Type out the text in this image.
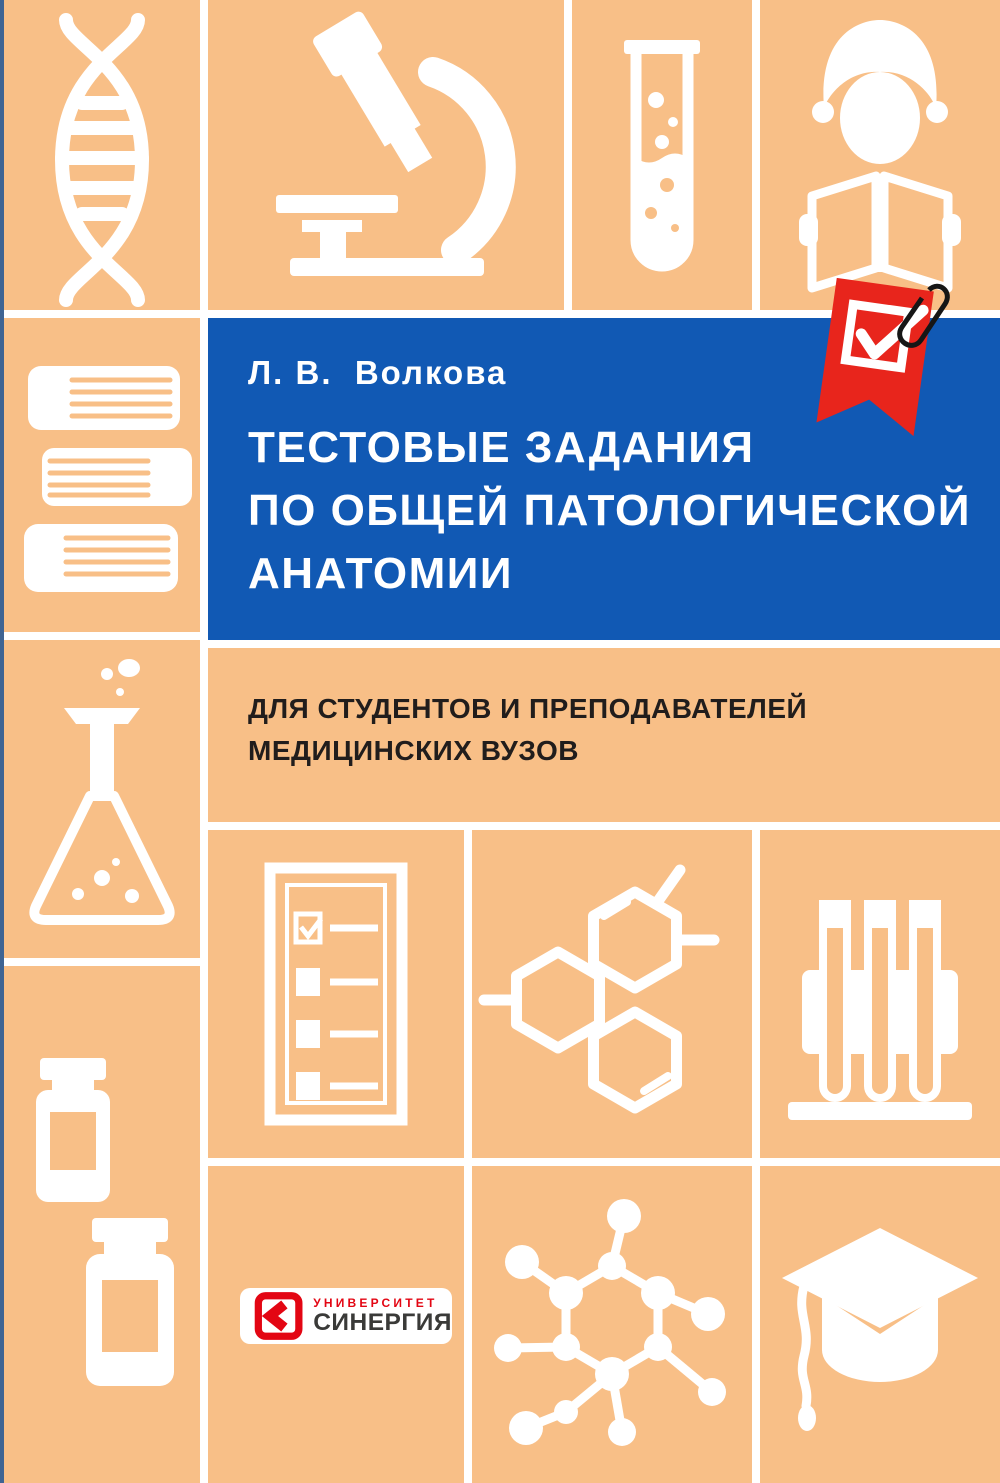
Л. В.  Волкова
ТЕСТОВЫЕ ЗАДАНИЯ
ПО ОБЩЕЙ ПАТОЛОГИЧЕСКОЙ
АНАТОМИИ
ДЛЯ СТУДЕНТОВ И ПРЕПОДАВАТЕЛЕЙ
МЕДИЦИНСКИХ ВУЗОВ
УНИВЕРСИТЕТ
СИНЕРГИЯ
